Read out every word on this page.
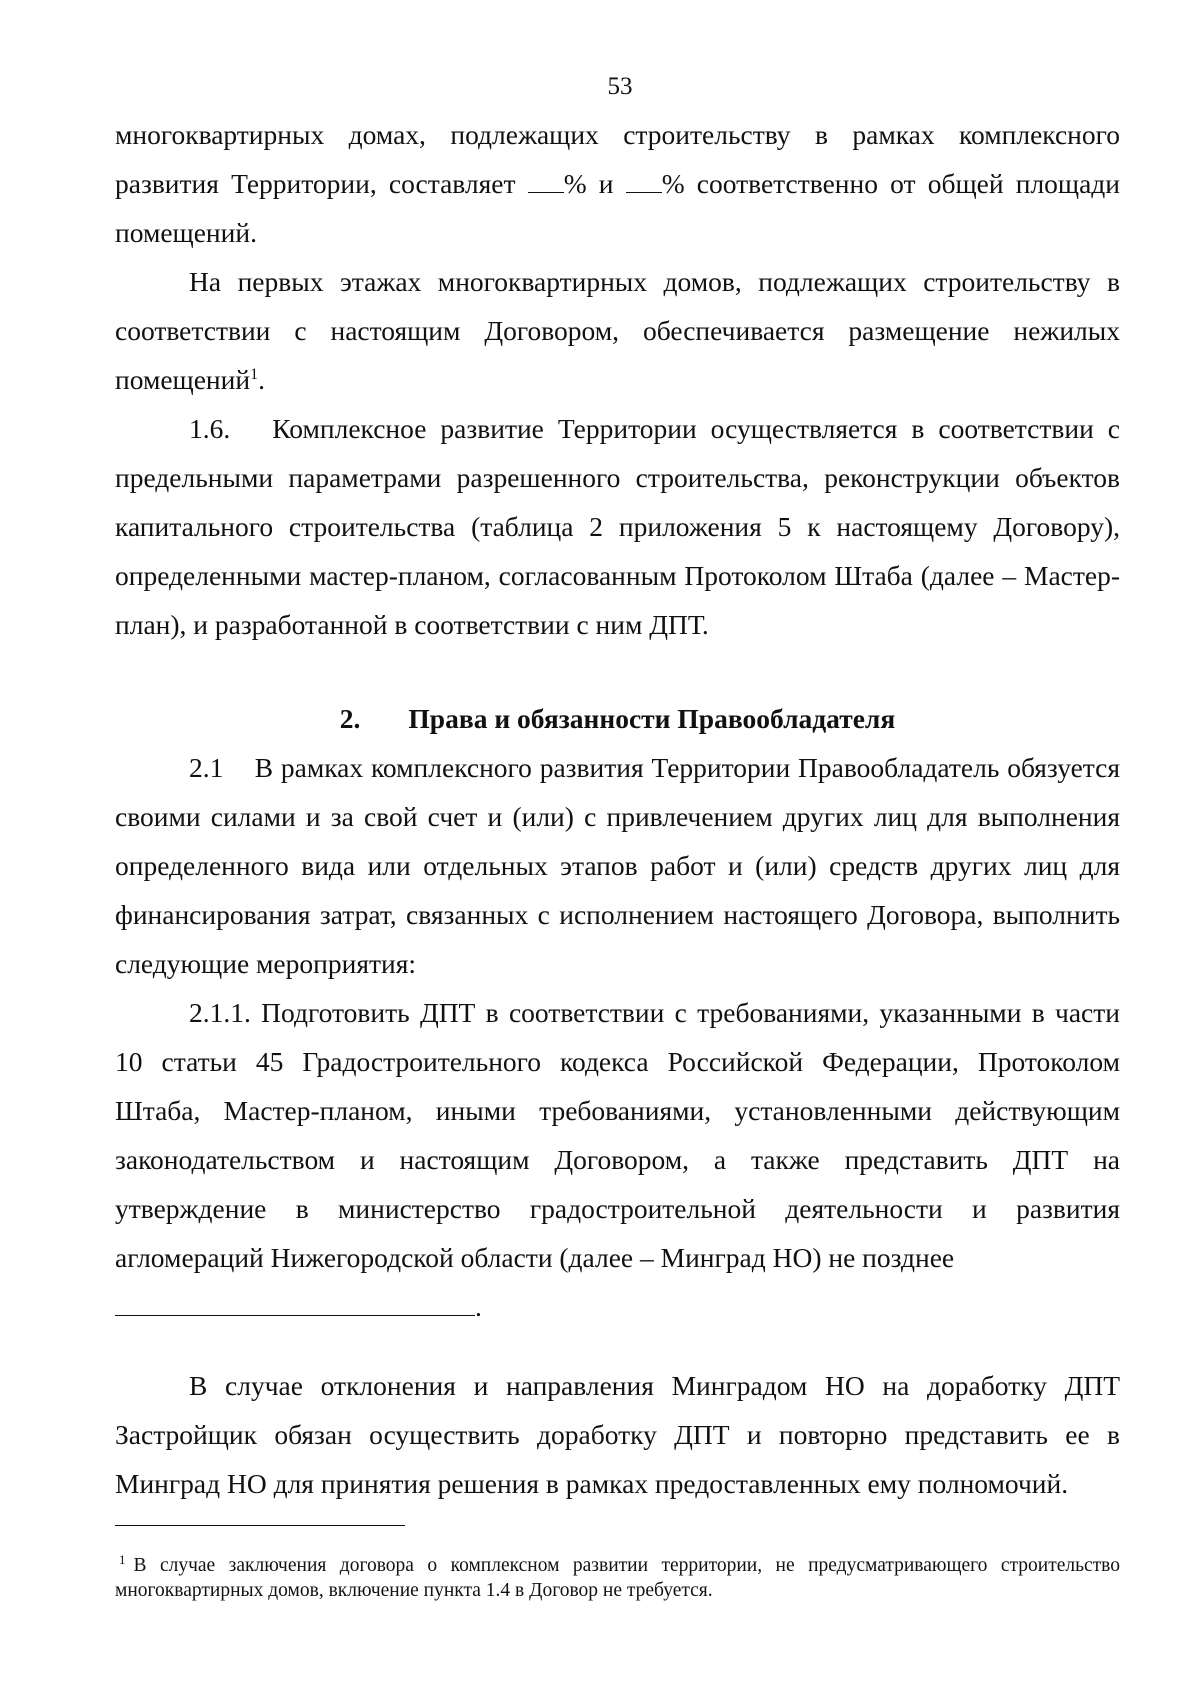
53

многоквартирных домах, подлежащих строительству в рамках комплексного развития Территории, составляет % и % соответственно от общей площади помещений.

На первых этажах многоквартирных домов, подлежащих строительству в соответствии с настоящим Договором, обеспечивается размещение нежилых помещений$^1$.

1.6. Комплексное развитие Территории осуществляется в соответствии с предельными параметрами разрешенного строительства, реконструкции объектов капитального строительства (таблица 2 приложения 5 к настоящему Договору), определенными мастер-планом, согласованным Протоколом Штаба (далее – Мастер-план), и разработанной в соответствии с ним ДПТ.

2. Права и обязанности Правообладателя

2.1 В рамках комплексного развития Территории Правообладатель обязуется своими силами и за свой счет и (или) с привлечением других лиц для выполнения определенного вида или отдельных этапов работ и (или) средств других лиц для финансирования затрат, связанных с исполнением настоящего Договора, выполнить следующие мероприятия:

2.1.1. Подготовить ДПТ в соответствии с требованиями, указанными в части 10 статьи 45 Градостроительного кодекса Российской Федерации, Протоколом Штаба, Мастер-планом, иными требованиями, установленными действующим законодательством и настоящим Договором, а также представить ДПТ на утверждение в министерство градостроительной деятельности и развития агломераций Нижегородской области (далее – Минград НО) не позднее

.

В случае отклонения и направления Минградом НО на доработку ДПТ Застройщик обязан осуществить доработку ДПТ и повторно представить ее в Минград НО для принятия решения в рамках предоставленных ему полномочий.

$^1$ В случае заключения договора о комплексном развитии территории, не предусматривающего строительство многоквартирных домов, включение пункта 1.4 в Договор не требуется.
